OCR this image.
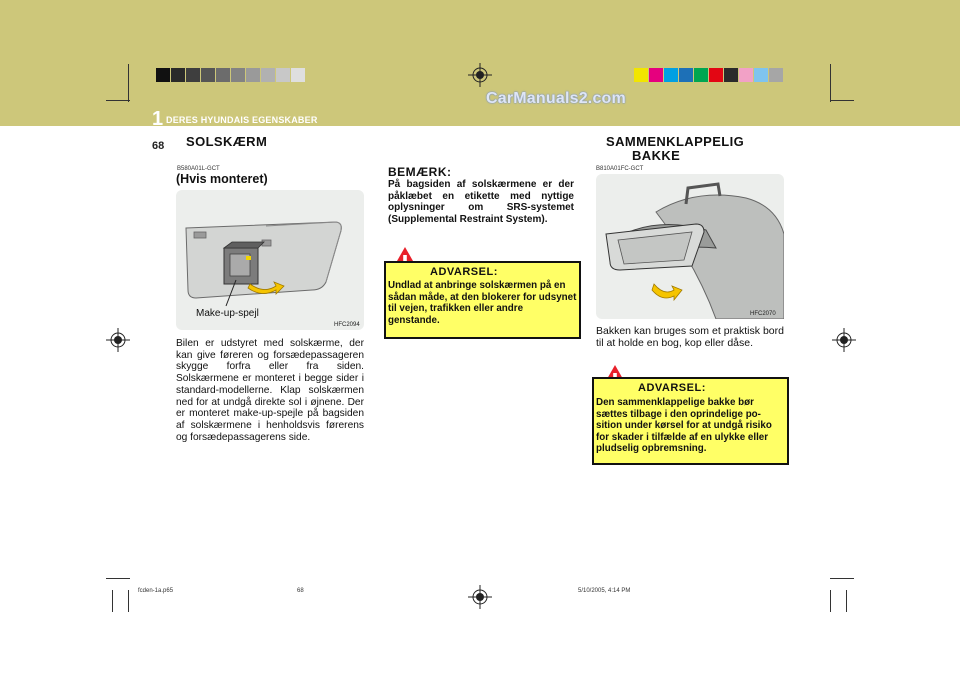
CarManuals2.com
1 DERES HYUNDAIS EGENSKABER
SOLSKÆRM	SAMMENKLAPPELIG
BAKKE
68
B580A01L-GCT
(Hvis monteret)
Make-up-spejl
HFC2094
Bilen er udstyret med solskærme, der kan give føreren og forsædepassageren skygge forfra eller fra siden. Solskærmene er monteret i begge sider i standard-modellerne. Klap solskærmen ned for at undgå direkte sol i øjnene. Der er monteret make-up-spejle på bagsiden af solskærmene i henholdsvis førerens og forsædepassagerens side.
BEMÆRK:
På bagsiden af solskærmene er der påklæbet en etikette med nyttige oplysninger om SRS-systemet (Supplemental Restraint System).
ADVARSEL:
Undlad at anbringe solskærmen på en sådan måde, at den blokerer for udsynet til vejen, trafikken eller andre genstande.
B810A01FC-GCT
HFC2070
Bakken kan bruges som et praktisk bord til at holde en bog, kop eller dåse.
ADVARSEL:
Den sammenklappelige bakke bør sættes tilbage i den oprindelige po-sition under kørsel for at undgå risiko for skader i tilfælde af en ulykke eller pludselig opbremsning.
fcden-1a.p65	68	5/10/2005, 4:14 PM
